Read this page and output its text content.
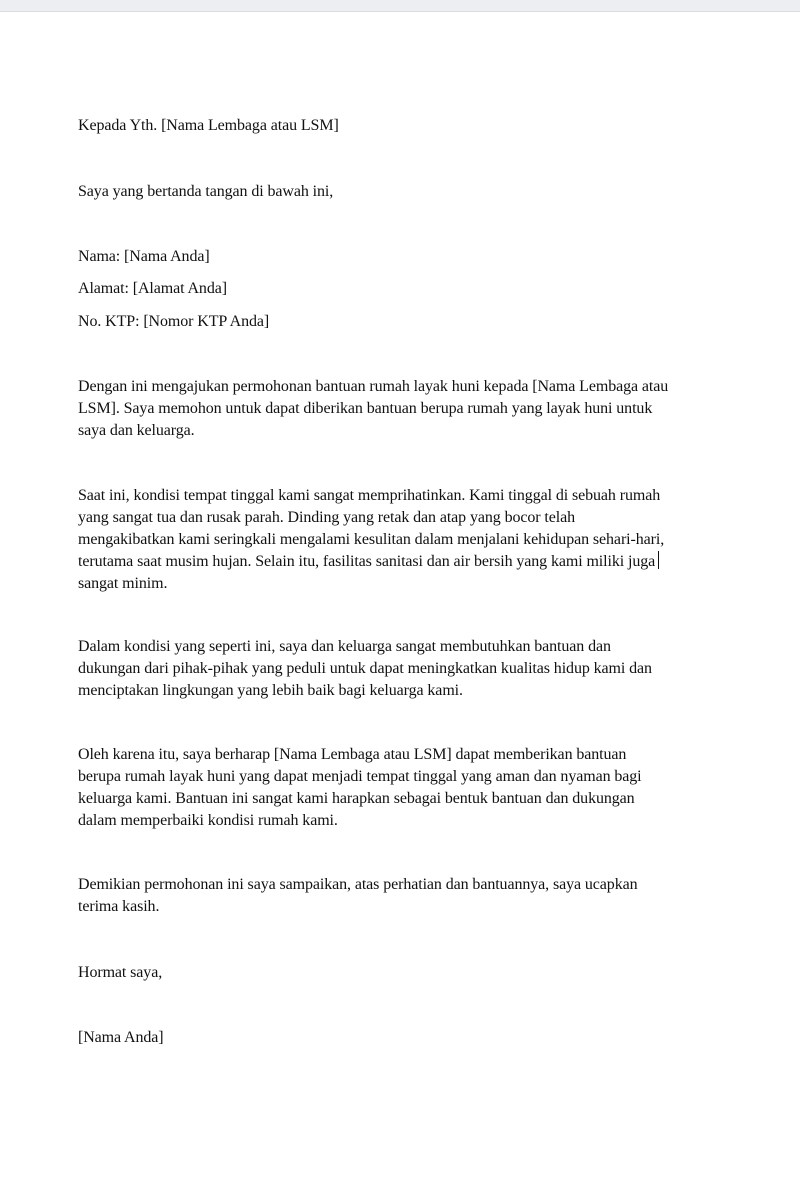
Kepada Yth. [Nama Lembaga atau LSM]
Saya yang bertanda tangan di bawah ini,
Nama: [Nama Anda]
Alamat: [Alamat Anda]
No. KTP: [Nomor KTP Anda]
Dengan ini mengajukan permohonan bantuan rumah layak huni kepada [Nama Lembaga atau
LSM]. Saya memohon untuk dapat diberikan bantuan berupa rumah yang layak huni untuk
saya dan keluarga.
Saat ini, kondisi tempat tinggal kami sangat memprihatinkan. Kami tinggal di sebuah rumah
yang sangat tua dan rusak parah. Dinding yang retak dan atap yang bocor telah
mengakibatkan kami seringkali mengalami kesulitan dalam menjalani kehidupan sehari-hari,
terutama saat musim hujan. Selain itu, fasilitas sanitasi dan air bersih yang kami miliki juga
sangat minim.
Dalam kondisi yang seperti ini, saya dan keluarga sangat membutuhkan bantuan dan
dukungan dari pihak-pihak yang peduli untuk dapat meningkatkan kualitas hidup kami dan
menciptakan lingkungan yang lebih baik bagi keluarga kami.
Oleh karena itu, saya berharap [Nama Lembaga atau LSM] dapat memberikan bantuan
berupa rumah layak huni yang dapat menjadi tempat tinggal yang aman dan nyaman bagi
keluarga kami. Bantuan ini sangat kami harapkan sebagai bentuk bantuan dan dukungan
dalam memperbaiki kondisi rumah kami.
Demikian permohonan ini saya sampaikan, atas perhatian dan bantuannya, saya ucapkan
terima kasih.
Hormat saya,
[Nama Anda]
